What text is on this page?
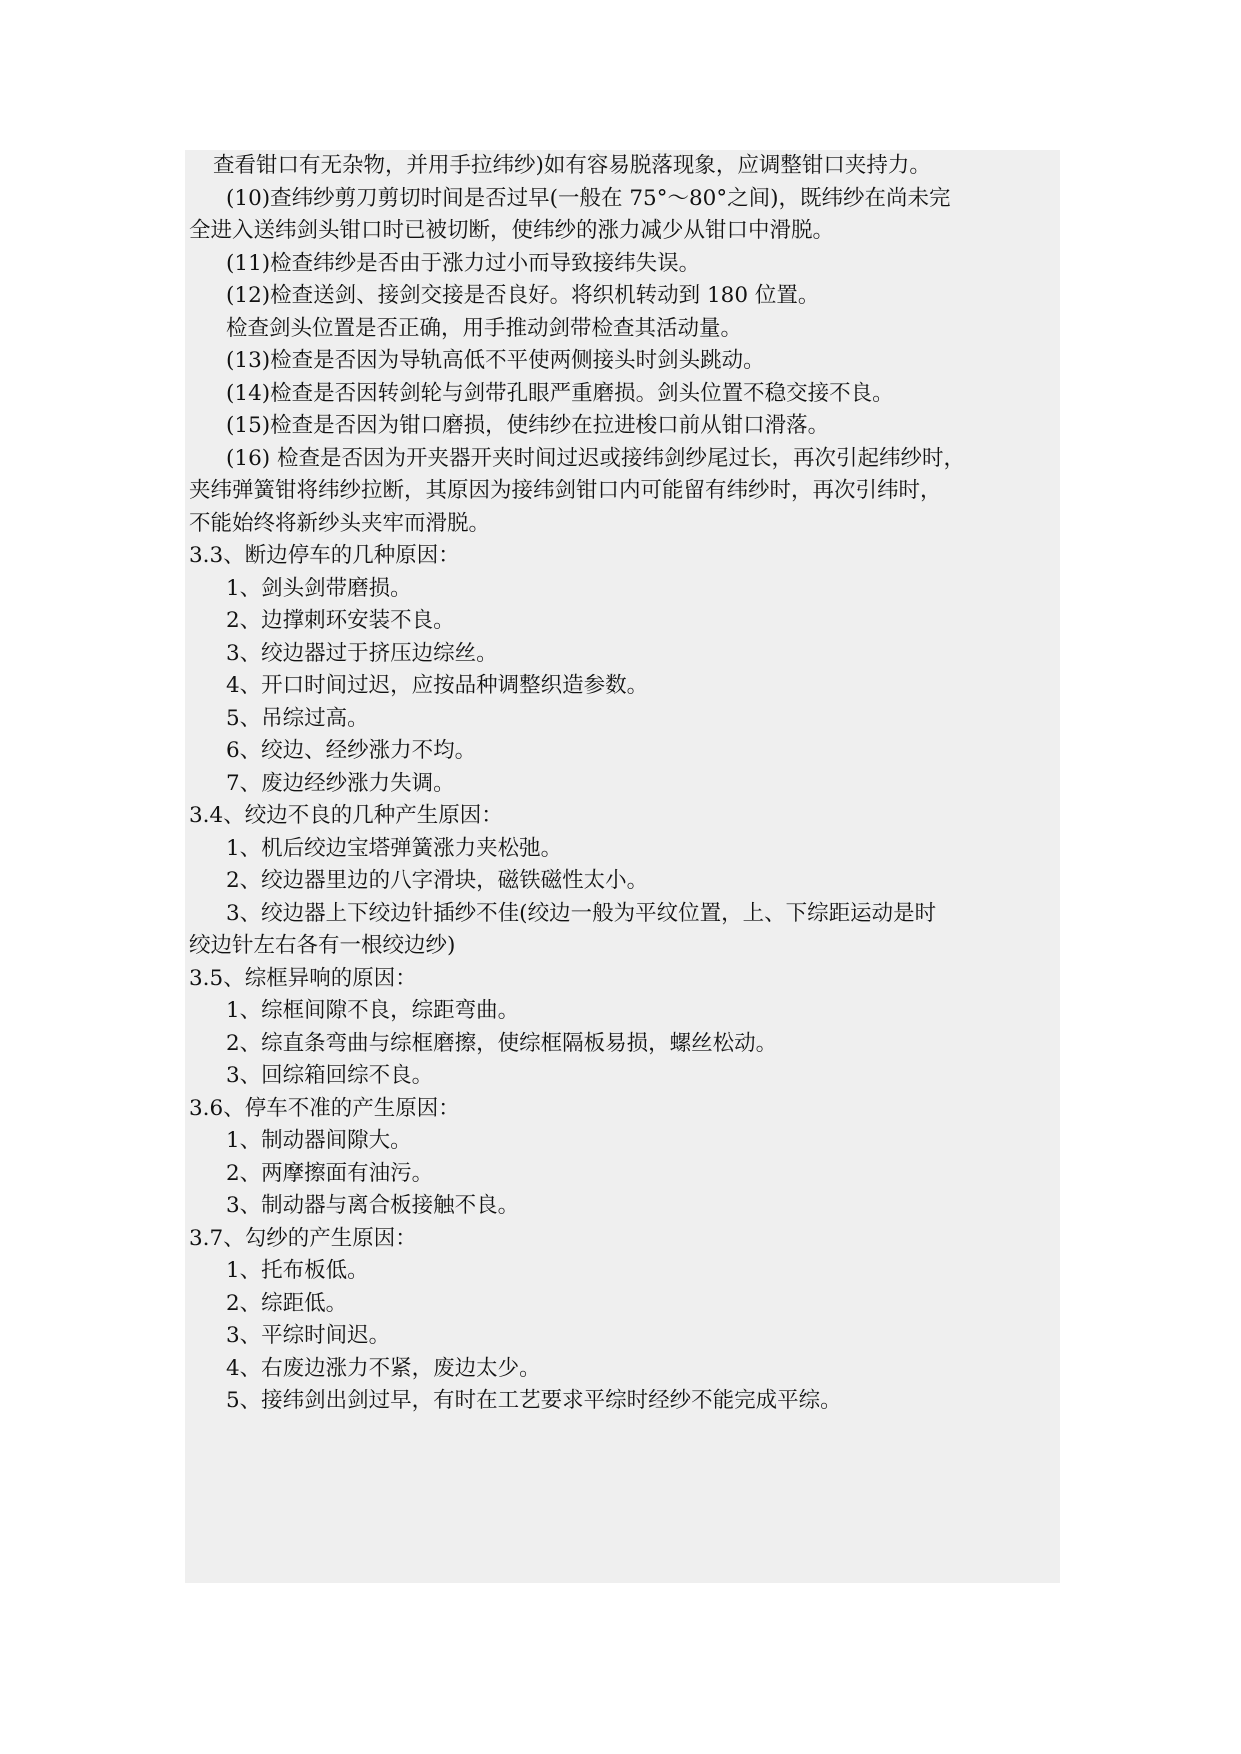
查看钳口有无杂物，并用手拉纬纱)如有容易脱落现象，应调整钳口夹持力。
(10)查纬纱剪刀剪切时间是否过早(一般在 75°～80°之间)，既纬纱在尚未完
全进入送纬剑头钳口时已被切断，使纬纱的涨力减少从钳口中滑脱。
(11)检查纬纱是否由于涨力过小而导致接纬失误。
(12)检查送剑、接剑交接是否良好。将织机转动到 180 位置。
检查剑头位置是否正确，用手推动剑带检查其活动量。
(13)检查是否因为导轨高低不平使两侧接头时剑头跳动。
(14)检查是否因转剑轮与剑带孔眼严重磨损。剑头位置不稳交接不良。
(15)检查是否因为钳口磨损，使纬纱在拉进梭口前从钳口滑落。
(16) 检查是否因为开夹器开夹时间过迟或接纬剑纱尾过长，再次引起纬纱时，
夹纬弹簧钳将纬纱拉断，其原因为接纬剑钳口内可能留有纬纱时，再次引纬时，
不能始终将新纱头夹牢而滑脱。
3.3、断边停车的几种原因：
1、剑头剑带磨损。
2、边撑刺环安装不良。
3、绞边器过于挤压边综丝。
4、开口时间过迟，应按品种调整织造参数。
5、吊综过高。
6、绞边、经纱涨力不均。
7、废边经纱涨力失调。
3.4、绞边不良的几种产生原因：
1、机后绞边宝塔弹簧涨力夹松弛。
2、绞边器里边的八字滑块，磁铁磁性太小。
3、绞边器上下绞边针插纱不佳(绞边一般为平纹位置，上、下综距运动是时
绞边针左右各有一根绞边纱)
3.5、综框异响的原因：
1、综框间隙不良，综距弯曲。
2、综直条弯曲与综框磨擦，使综框隔板易损，螺丝松动。
3、回综箱回综不良。
3.6、停车不准的产生原因：
1、制动器间隙大。
2、两摩擦面有油污。
3、制动器与离合板接触不良。
3.7、勾纱的产生原因：
1、托布板低。
2、综距低。
3、平综时间迟。
4、右废边涨力不紧，废边太少。
5、接纬剑出剑过早，有时在工艺要求平综时经纱不能完成平综。
